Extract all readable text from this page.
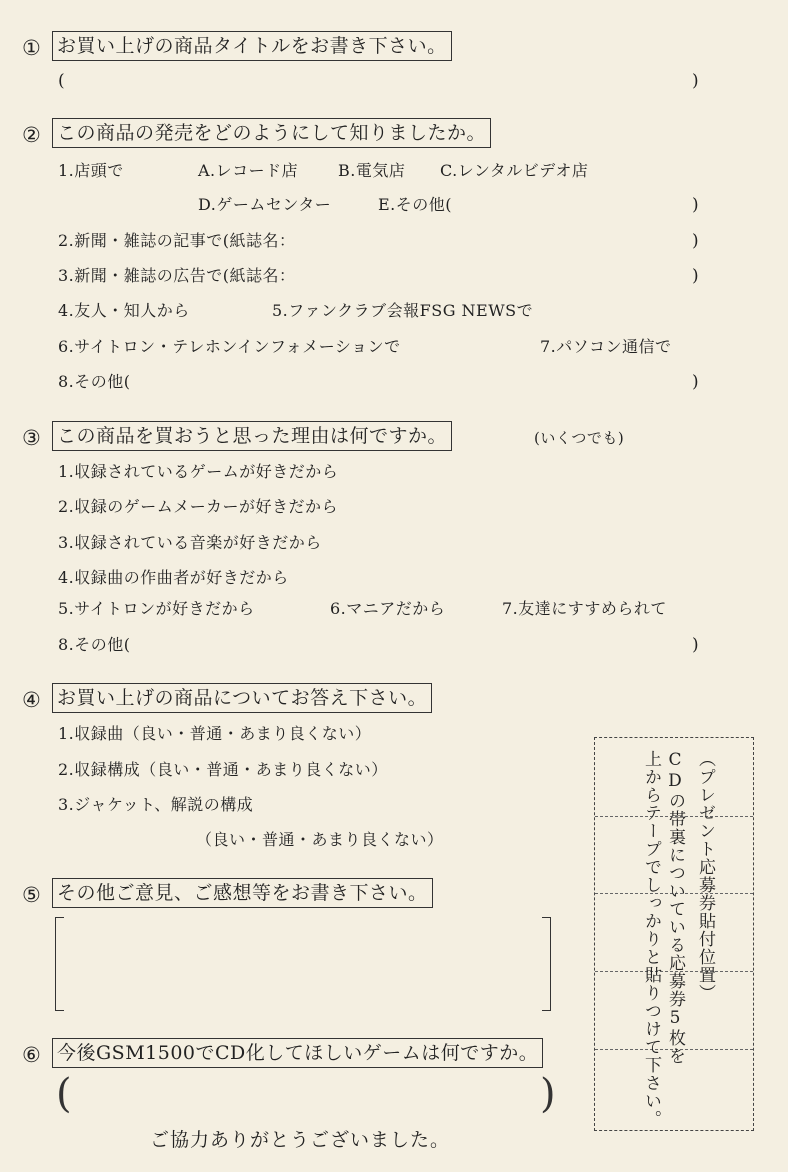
① お買い上げの商品タイトルをお書き下さい。
(	)
② この商品の発売をどのようにして知りましたか。
1.店頭で	A.レコード店 B.電気店 C.レンタルビデオ店
D.ゲームセンター	E.その他(	)
2.新聞・雑誌の記事で(紙誌名：	)
3.新聞・雑誌の広告で(紙誌名：	)
4.友人・知人から	5.ファンクラブ会報FSG NEWSで
6.サイトロン・テレホンインフォメーションで	7.パソコン通信で
8.その他(	)
③ この商品を買おうと思った理由は何ですか。	(いくつでも)
1.収録されているゲームが好きだから
2.収録のゲームメーカーが好きだから
3.収録されている音楽が好きだから
4.収録曲の作曲者が好きだから
5.サイトロンが好きだから	6.マニアだから	7.友達にすすめられて
8.その他(	)
④ お買い上げの商品についてお答え下さい。
1.収録曲（良い・普通・あまり良くない）
2.収録構成（良い・普通・あまり良くない）
3.ジャケット、解説の構成
（良い・普通・あまり良くない）
⑤ その他ご意見、ご感想等をお書き下さい。
⑥ 今後GSM1500でCD化してほしいゲームは何ですか。
(	)
ご協力ありがとうございました。
（プレゼント応募券貼付位置）
CDの帯裏についている応募券5枚を
上からテープでしっかりと貼りつけて下さい。
